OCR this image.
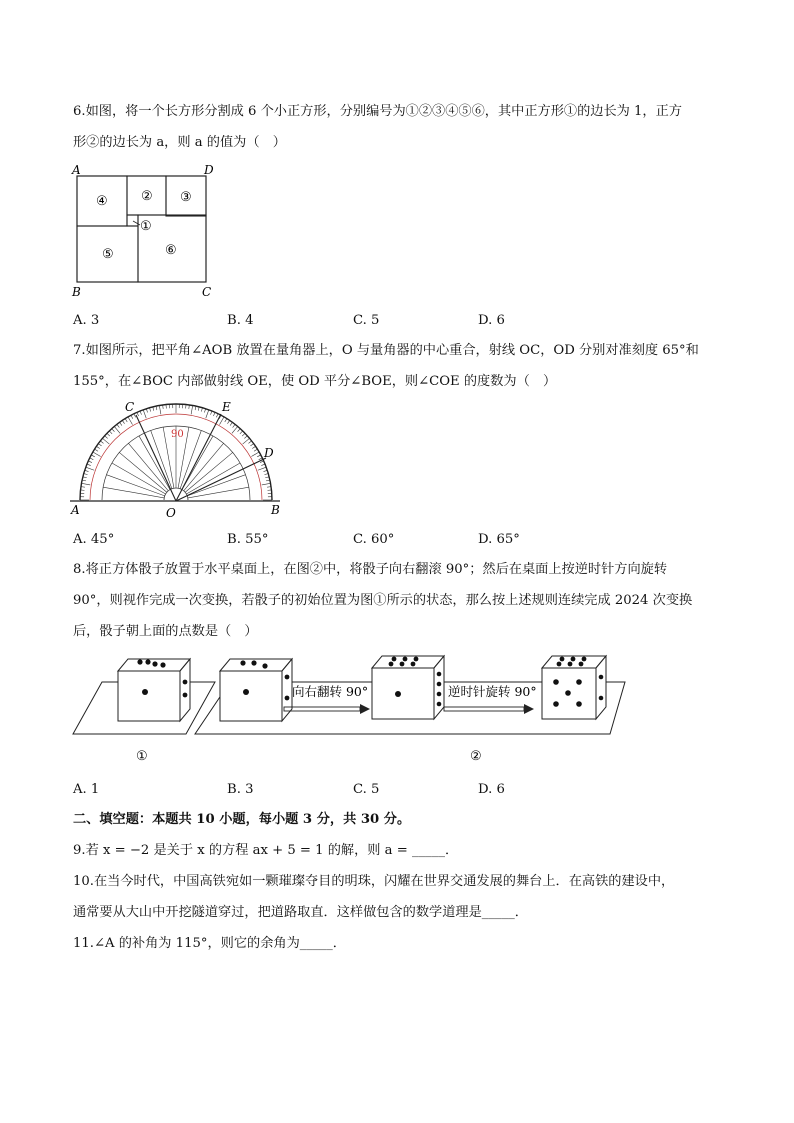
6.如图，将一个长方形分割成 6 个小正方形，分别编号为①②③④⑤⑥，其中正方形①的边长为 1，正方
形②的边长为 a，则 a 的值为（　）
A	D
B	C
④	② ③
①
⑤	⑥
A. 3	B. 4	C. 5	D. 6
7.如图所示，把平角∠AOB 放置在量角器上，O 与量角器的中心重合，射线 OC，OD 分别对准刻度 65°和
155°，在∠BOC 内部做射线 OE，使 OD 平分∠BOE，则∠COE 的度数为（　）
90
A	O	B
C	E
D
A. 45°	B. 55°	C. 60°	D. 65°
8.将正方体骰子放置于水平桌面上，在图②中，将骰子向右翻滚 90°；然后在桌面上按逆时针方向旋转
90°，则视作完成一次变换，若骰子的初始位置为图①所示的状态，那么按上述规则连续完成 2024 次变换
后，骰子朝上面的点数是（　）
向右翻转 90°	逆时针旋转 90°
①	②
A. 1	B. 3	C. 5	D. 6
二、填空题：本题共 10 小题，每小题 3 分，共 30 分。
9.若 x = −2 是关于 x 的方程 ax + 5 = 1 的解，则 a = _____．
10.在当今时代，中国高铁宛如一颗璀璨夺目的明珠，闪耀在世界交通发展的舞台上．在高铁的建设中，
通常要从大山中开挖隧道穿过，把道路取直．这样做包含的数学道理是_____．
11.∠A 的补角为 115°，则它的余角为_____．
